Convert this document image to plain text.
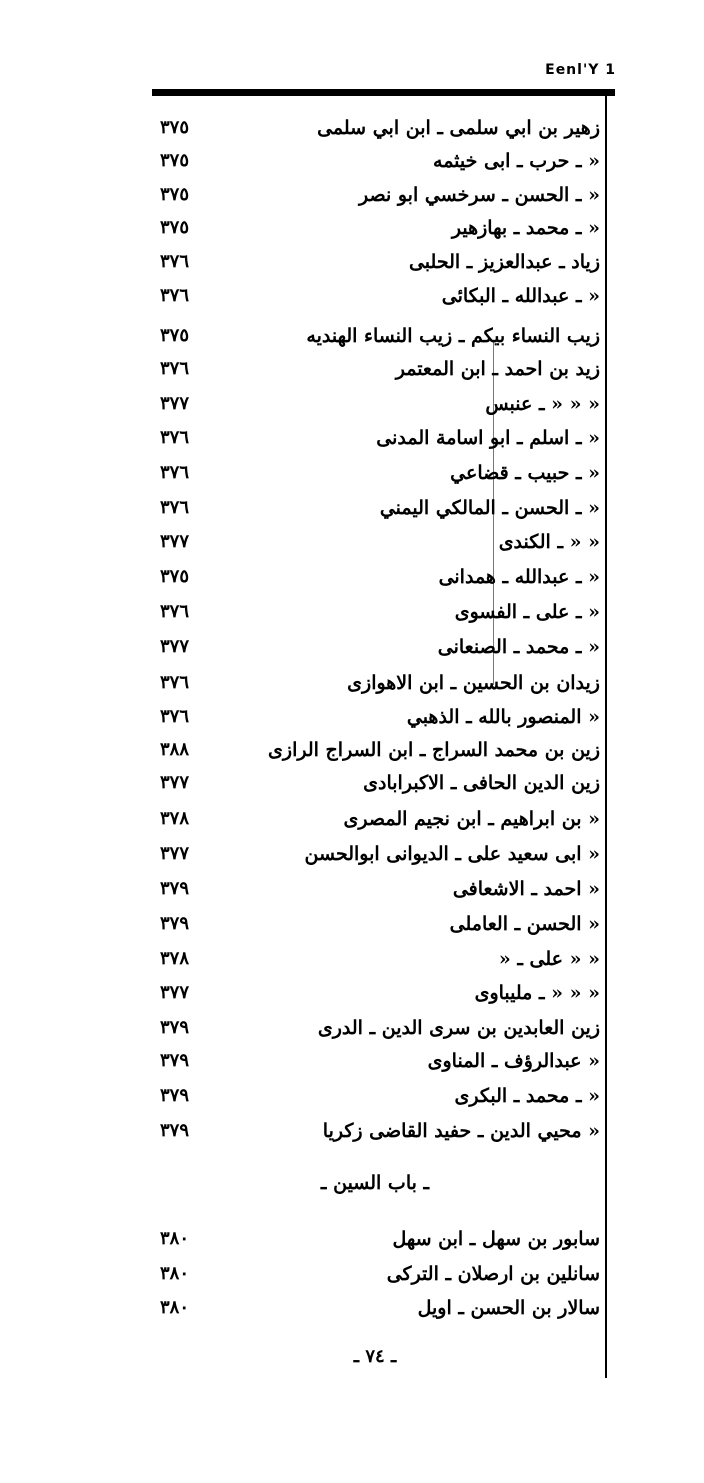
Eenl'Y 1
زهير بن ابي سلمى ـ ابن ابي سلمى
٣٧٥
« ـ حرب ـ ابى خيثمه
٣٧٥
« ـ الحسن ـ سرخسي ابو نصر
٣٧٥
« ـ محمد ـ بهازهير
٣٧٥
زياد ـ عبدالعزيز ـ الحلبى
٣٧٦
« ـ عبدالله ـ البكائى
٣٧٦
زيب النساء بيكم ـ زيب النساء الهنديه
٣٧٥
زيد بن احمد ـ ابن المعتمر
٣٧٦
« « « ـ عنبس
٣٧٧
« ـ اسلم ـ ابو اسامة المدنى
٣٧٦
« ـ حبيب ـ قضاعي
٣٧٦
« ـ الحسن ـ المالكي اليمني
٣٧٦
« « ـ الكندى
٣٧٧
« ـ عبدالله ـ همدانى
٣٧٥
« ـ على ـ الفسوى
٣٧٦
« ـ محمد ـ الصنعانى
٣٧٧
زيدان بن الحسين ـ ابن الاهوازى
٣٧٦
« المنصور بالله ـ الذهبي
٣٧٦
زين بن محمد السراج ـ ابن السراج الرازى
٣٨٨
زين الدين الحافى ـ الاكبرابادى
٣٧٧
« بن ابراهيم ـ ابن نجيم المصرى
٣٧٨
« ابى سعيد على ـ الديوانى ابوالحسن
٣٧٧
« احمد ـ الاشعافى
٣٧٩
« الحسن ـ العاملى
٣٧٩
« « على ـ «
٣٧٨
« « « ـ مليباوى
٣٧٧
زين العابدين بن سرى الدين ـ الدرى
٣٧٩
« عبدالرؤف ـ المناوى
٣٧٩
« ـ محمد ـ البكرى
٣٧٩
« محيي الدين ـ حفيد القاضى زكريا
٣٧٩
ـ باب السين ـ
سابور بن سهل ـ ابن سهل
٣٨٠
سانلين بن ارصلان ـ التركى
٣٨٠
سالار بن الحسن ـ اويل
٣٨٠
ـ ٧٤ ـ
